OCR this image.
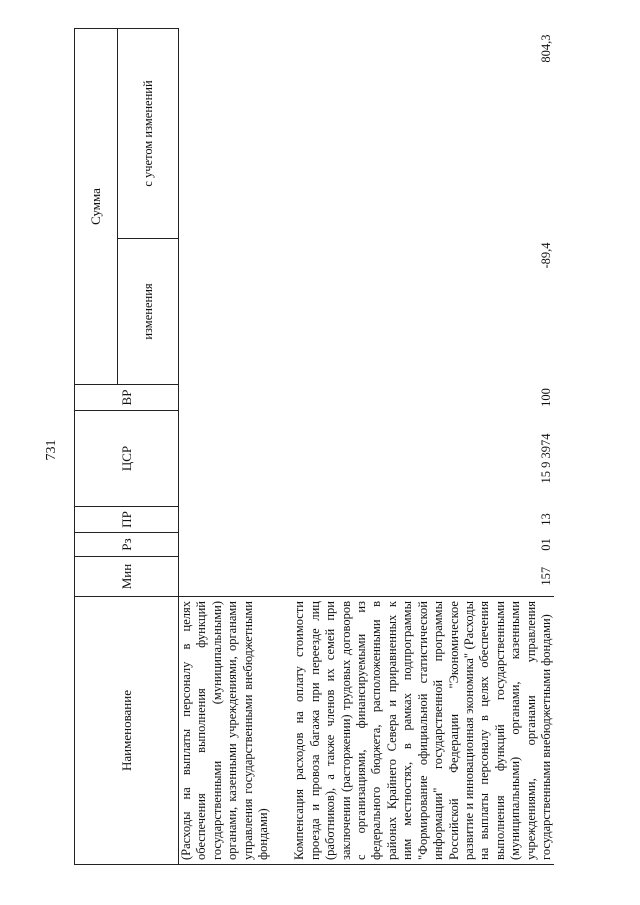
731
Наименование	Мин	Рз	ПР	ЦСР	ВР	Сумма	
						изменения	с учетом изменений
(Расходы на выплаты персоналу в целях обеспечения выполнения функций государственными (муниципальными) органами, казенными учреждениями, органами управления государственными внебюджетными фондами)							

Компенсация расходов на оплату стоимости проезда и провоза багажа при переезде лиц (работников), а также членов их семей при заключении (расторжении) трудовых договоров с организациями, финансируемыми из федерального бюджета, расположенными в районах Крайнего Севера и приравненных к ним местностях, в рамках подпрограммы "Формирование официальной статистической информации" государственной программы Российской Федерации "Экономическое развитие и инновационная экономика" (Расходы на выплаты персоналу в целях обеспечения выполнения функций государственными (муниципальными) органами, казенными учреждениями, органами управления государственными внебюджетными фондами)	157	01	13	15 9 3974	100	-89,4	804,3
